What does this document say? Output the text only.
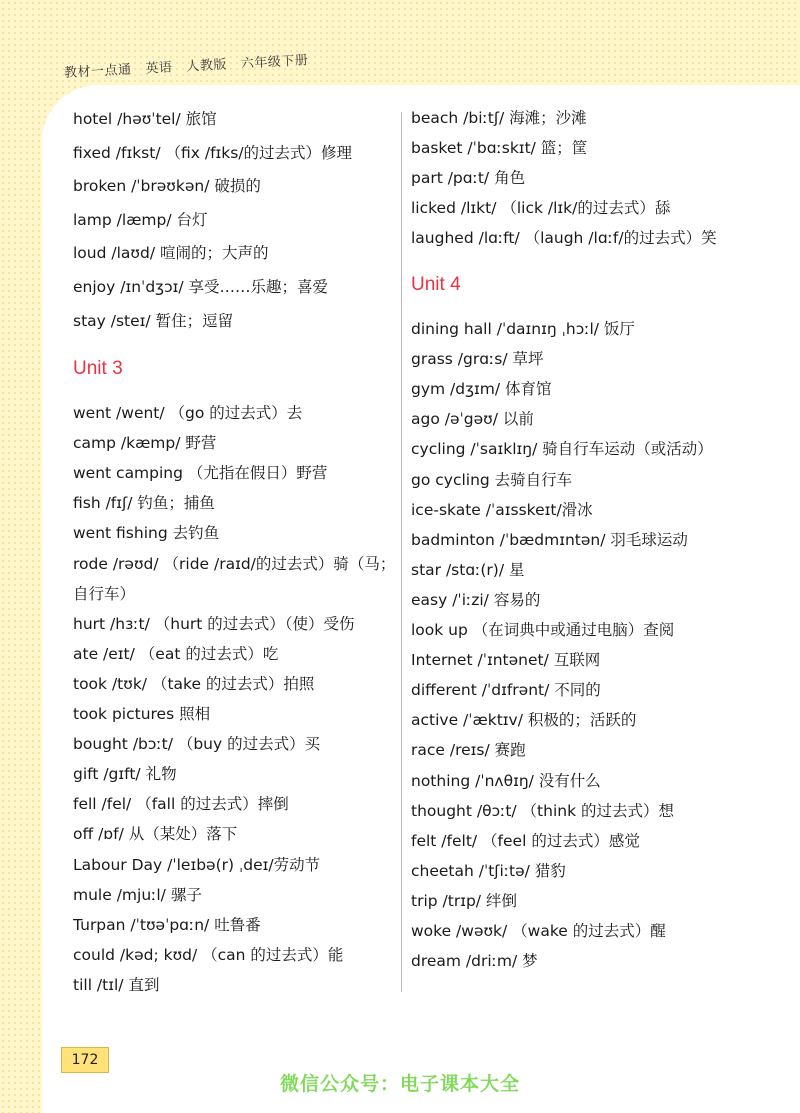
教材一点通 英语 人教版 六年级下册
hotel /həʊˈtel/ 旅馆
fixed /fɪkst/ （fix /fɪks/的过去式）修理
broken /ˈbrəʊkən/ 破损的
lamp /læmp/ 台灯
loud /laʊd/ 喧闹的；大声的
enjoy /ɪnˈdʒɔɪ/ 享受……乐趣；喜爱
stay /steɪ/ 暂住；逗留
Unit 3
went /went/ （go 的过去式）去
camp /kæmp/ 野营
went camping （尤指在假日）野营
fish /fɪʃ/ 钓鱼；捕鱼
went fishing 去钓鱼
rode /rəʊd/ （ride /raɪd/的过去式）骑（马；
自行车）
hurt /hɜːt/ （hurt 的过去式）（使）受伤
ate /eɪt/ （eat 的过去式）吃
took /tʊk/ （take 的过去式）拍照
took pictures 照相
bought /bɔːt/ （buy 的过去式）买
gift /gɪft/ 礼物
fell /fel/ （fall 的过去式）摔倒
off /ɒf/ 从（某处）落下
Labour Day /ˈleɪbə(r) ˌdeɪ/劳动节
mule /mjuːl/ 骡子
Turpan /ˈtʊəˈpɑːn/ 吐鲁番
could /kəd; kʊd/ （can 的过去式）能
till /tɪl/ 直到
beach /biːtʃ/ 海滩；沙滩
basket /ˈbɑːskɪt/ 篮；筐
part /pɑːt/ 角色
licked /lɪkt/ （lick /lɪk/的过去式）舔
laughed /lɑːft/ （laugh /lɑːf/的过去式）笑
Unit 4
dining hall /ˈdaɪnɪŋ ˌhɔːl/ 饭厅
grass /grɑːs/ 草坪
gym /dʒɪm/ 体育馆
ago /əˈgəʊ/ 以前
cycling /ˈsaɪklɪŋ/ 骑自行车运动（或活动）
go cycling 去骑自行车
ice-skate /ˈaɪsskeɪt/滑冰
badminton /ˈbædmɪntən/ 羽毛球运动
star /stɑː(r)/ 星
easy /ˈiːzi/ 容易的
look up （在词典中或通过电脑）查阅
Internet /ˈɪntənet/ 互联网
different /ˈdɪfrənt/ 不同的
active /ˈæktɪv/ 积极的；活跃的
race /reɪs/ 赛跑
nothing /ˈnʌθɪŋ/ 没有什么
thought /θɔːt/ （think 的过去式）想
felt /felt/ （feel 的过去式）感觉
cheetah /ˈtʃiːtə/ 猎豹
trip /trɪp/ 绊倒
woke /wəʊk/ （wake 的过去式）醒
dream /driːm/ 梦
172
微信公众号：电子课本大全
